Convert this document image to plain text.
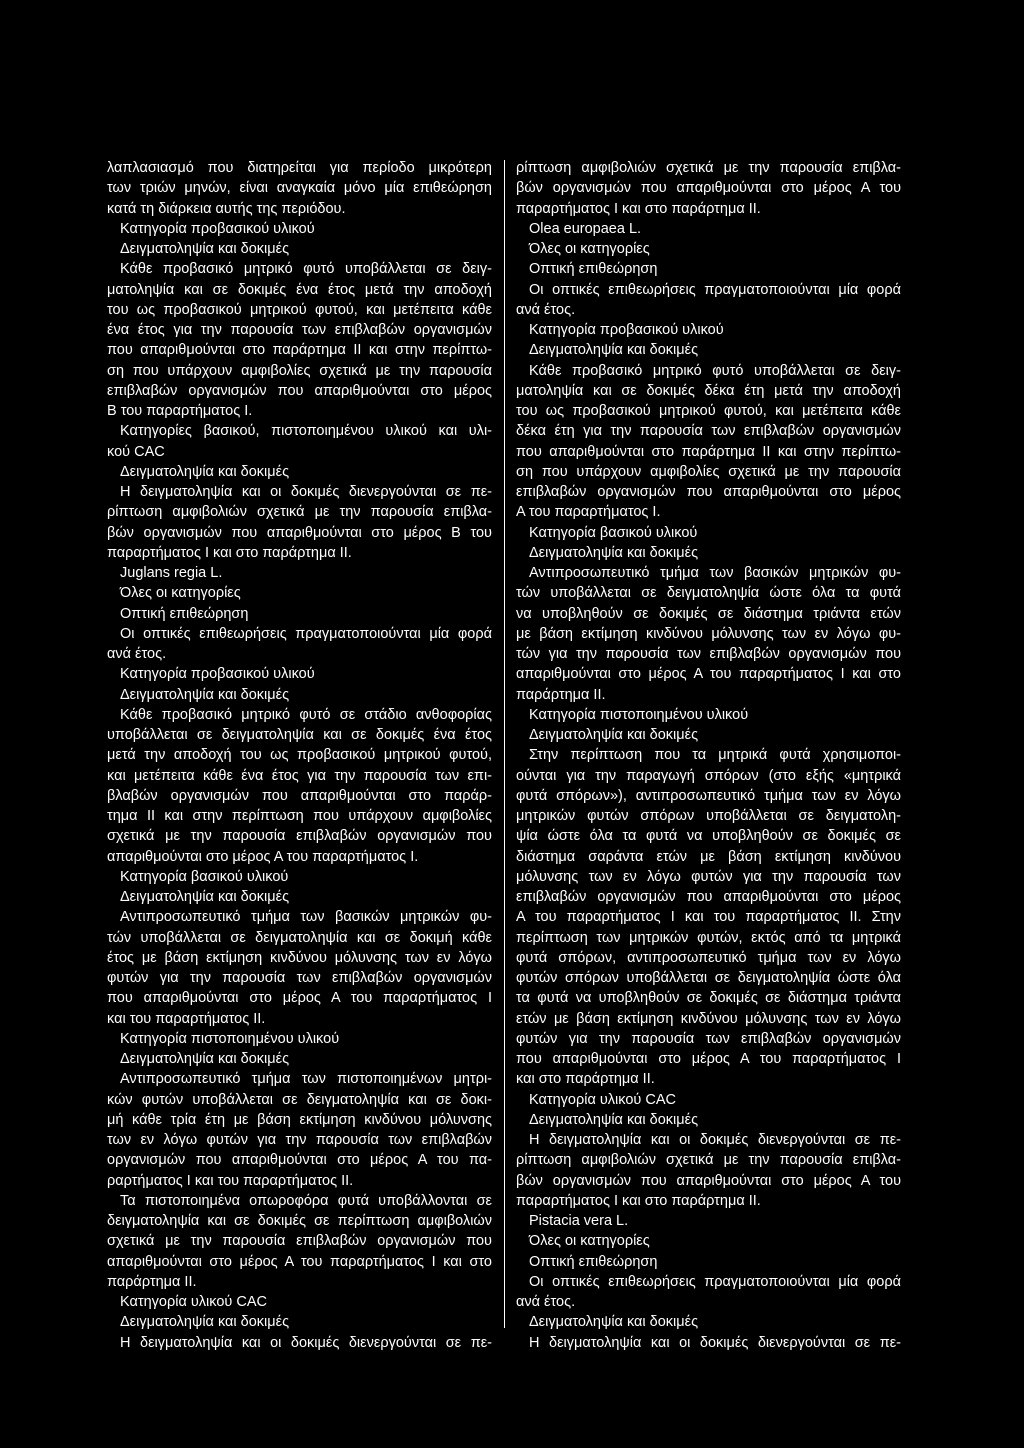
λαπλασιασμό που διατηρείται για περίοδο μικρότερη
των τριών μηνών, είναι αναγκαία μόνο μία επιθεώρηση
κατά τη διάρκεια αυτής της περιόδου.
Κατηγορία προβασικού υλικού
Δειγματοληψία και δοκιμές
Κάθε προβασικό μητρικό φυτό υποβάλλεται σε δειγ-
ματοληψία και σε δοκιμές ένα έτος μετά την αποδοχή
του ως προβασικού μητρικού φυτού, και μετέπειτα κάθε
ένα έτος για την παρουσία των επιβλαβών οργανισμών
που απαριθμούνται στο παράρτημα ΙΙ και στην περίπτω-
ση που υπάρχουν αμφιβολίες σχετικά με την παρουσία
επιβλαβών οργανισμών που απαριθμούνται στο μέρος
Β του παραρτήματος Ι.
Κατηγορίες βασικού, πιστοποιημένου υλικού και υλι-
κού CAC
Δειγματοληψία και δοκιμές
Η δειγματοληψία και οι δοκιμές διενεργούνται σε πε-
ρίπτωση αμφιβολιών σχετικά με την παρουσία επιβλα-
βών οργανισμών που απαριθμούνται στο μέρος Β του
παραρτήματος Ι και στο παράρτημα ΙΙ.
Juglans regia L.
Όλες οι κατηγορίες
Οπτική επιθεώρηση
Οι οπτικές επιθεωρήσεις πραγματοποιούνται μία φορά
ανά έτος.
Κατηγορία προβασικού υλικού
Δειγματοληψία και δοκιμές
Κάθε προβασικό μητρικό φυτό σε στάδιο ανθοφορίας
υποβάλλεται σε δειγματοληψία και σε δοκιμές ένα έτος
μετά την αποδοχή του ως προβασικού μητρικού φυτού,
και μετέπειτα κάθε ένα έτος για την παρουσία των επι-
βλαβών οργανισμών που απαριθμούνται στο παράρ-
τημα ΙΙ και στην περίπτωση που υπάρχουν αμφιβολίες
σχετικά με την παρουσία επιβλαβών οργανισμών που
απαριθμούνται στο μέρος Α του παραρτήματος Ι.
Κατηγορία βασικού υλικού
Δειγματοληψία και δοκιμές
Αντιπροσωπευτικό τμήμα των βασικών μητρικών φυ-
τών υποβάλλεται σε δειγματοληψία και σε δοκιμή κάθε
έτος με βάση εκτίμηση κινδύνου μόλυνσης των εν λόγω
φυτών για την παρουσία των επιβλαβών οργανισμών
που απαριθμούνται στο μέρος Α του παραρτήματος Ι
και του παραρτήματος ΙΙ.
Κατηγορία πιστοποιημένου υλικού
Δειγματοληψία και δοκιμές
Αντιπροσωπευτικό τμήμα των πιστοποιημένων μητρι-
κών φυτών υποβάλλεται σε δειγματοληψία και σε δοκι-
μή κάθε τρία έτη με βάση εκτίμηση κινδύνου μόλυνσης
των εν λόγω φυτών για την παρουσία των επιβλαβών
οργανισμών που απαριθμούνται στο μέρος Α του πα-
ραρτήματος Ι και του παραρτήματος ΙΙ.
Τα πιστοποιημένα οπωροφόρα φυτά υποβάλλονται σε
δειγματοληψία και σε δοκιμές σε περίπτωση αμφιβολιών
σχετικά με την παρουσία επιβλαβών οργανισμών που
απαριθμούνται στο μέρος Α του παραρτήματος Ι και στο
παράρτημα ΙΙ.
Κατηγορία υλικού CAC
Δειγματοληψία και δοκιμές
Η δειγματοληψία και οι δοκιμές διενεργούνται σε πε-
ρίπτωση αμφιβολιών σχετικά με την παρουσία επιβλα-
βών οργανισμών που απαριθμούνται στο μέρος Α του
παραρτήματος Ι και στο παράρτημα ΙΙ.
Olea europaea L.
Όλες οι κατηγορίες
Οπτική επιθεώρηση
Οι οπτικές επιθεωρήσεις πραγματοποιούνται μία φορά
ανά έτος.
Κατηγορία προβασικού υλικού
Δειγματοληψία και δοκιμές
Κάθε προβασικό μητρικό φυτό υποβάλλεται σε δειγ-
ματοληψία και σε δοκιμές δέκα έτη μετά την αποδοχή
του ως προβασικού μητρικού φυτού, και μετέπειτα κάθε
δέκα έτη για την παρουσία των επιβλαβών οργανισμών
που απαριθμούνται στο παράρτημα ΙΙ και στην περίπτω-
ση που υπάρχουν αμφιβολίες σχετικά με την παρουσία
επιβλαβών οργανισμών που απαριθμούνται στο μέρος
Α του παραρτήματος Ι.
Κατηγορία βασικού υλικού
Δειγματοληψία και δοκιμές
Αντιπροσωπευτικό τμήμα των βασικών μητρικών φυ-
τών υποβάλλεται σε δειγματοληψία ώστε όλα τα φυτά
να υποβληθούν σε δοκιμές σε διάστημα τριάντα ετών
με βάση εκτίμηση κινδύνου μόλυνσης των εν λόγω φυ-
τών για την παρουσία των επιβλαβών οργανισμών που
απαριθμούνται στο μέρος Α του παραρτήματος Ι και στο
παράρτημα ΙΙ.
Κατηγορία πιστοποιημένου υλικού
Δειγματοληψία και δοκιμές
Στην περίπτωση που τα μητρικά φυτά χρησιμοποι-
ούνται για την παραγωγή σπόρων (στο εξής «μητρικά
φυτά σπόρων»), αντιπροσωπευτικό τμήμα των εν λόγω
μητρικών φυτών σπόρων υποβάλλεται σε δειγματολη-
ψία ώστε όλα τα φυτά να υποβληθούν σε δοκιμές σε
διάστημα σαράντα ετών με βάση εκτίμηση κινδύνου
μόλυνσης των εν λόγω φυτών για την παρουσία των
επιβλαβών οργανισμών που απαριθμούνται στο μέρος
Α του παραρτήματος Ι και του παραρτήματος ΙΙ. Στην
περίπτωση των μητρικών φυτών, εκτός από τα μητρικά
φυτά σπόρων, αντιπροσωπευτικό τμήμα των εν λόγω
φυτών σπόρων υποβάλλεται σε δειγματοληψία ώστε όλα
τα φυτά να υποβληθούν σε δοκιμές σε διάστημα τριάντα
ετών με βάση εκτίμηση κινδύνου μόλυνσης των εν λόγω
φυτών για την παρουσία των επιβλαβών οργανισμών
που απαριθμούνται στο μέρος Α του παραρτήματος Ι
και στο παράρτημα ΙΙ.
Κατηγορία υλικού CAC
Δειγματοληψία και δοκιμές
Η δειγματοληψία και οι δοκιμές διενεργούνται σε πε-
ρίπτωση αμφιβολιών σχετικά με την παρουσία επιβλα-
βών οργανισμών που απαριθμούνται στο μέρος Α του
παραρτήματος Ι και στο παράρτημα ΙΙ.
Pistacia vera L.
Όλες οι κατηγορίες
Οπτική επιθεώρηση
Οι οπτικές επιθεωρήσεις πραγματοποιούνται μία φορά
ανά έτος.
Δειγματοληψία και δοκιμές
Η δειγματοληψία και οι δοκιμές διενεργούνται σε πε-
